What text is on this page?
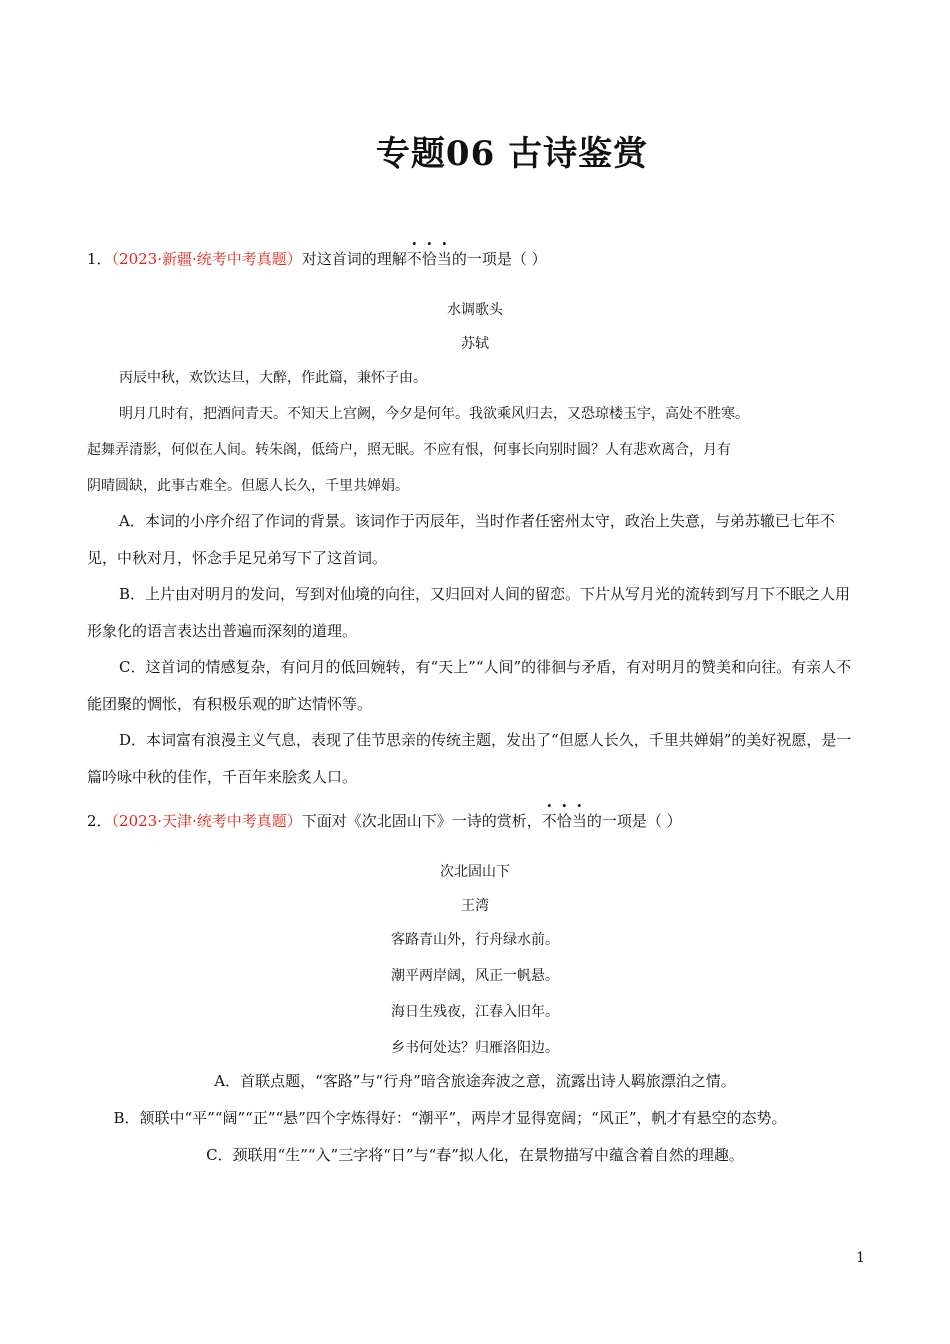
专题06 古诗鉴赏
1．（2023·新疆·统考中考真题）对这首词的理解不恰当的一项是（ ）
水调歌头
苏轼

丙辰中秋，欢饮达旦，大醉，作此篇，兼怀子由。

明月几时有，把酒问青天。不知天上宫阙，今夕是何年。我欲乘风归去，又恐琼楼玉宇，高处不胜寒。

起舞弄清影，何似在人间。转朱阁，低绮户，照无眠。不应有恨，何事长向别时圆？人有悲欢离合，月有

阴晴圆缺，此事古难全。但愿人长久，千里共婵娟。

A．本词的小序介绍了作词的背景。该词作于丙辰年，当时作者任密州太守，政治上失意，与弟苏辙已七年不见，中秋对月，怀念手足兄弟写下了这首词。

B．上片由对明月的发问，写到对仙境的向往，又归回对人间的留恋。下片从写月光的流转到写月下不眠之人用形象化的语言表达出普遍而深刻的道理。

C．这首词的情感复杂，有问月的低回婉转，有“天上”“人间”的徘徊与矛盾，有对明月的赞美和向往。有亲人不能团聚的惆怅，有积极乐观的旷达情怀等。

D．本词富有浪漫主义气息，表现了佳节思亲的传统主题，发出了“但愿人长久，千里共婵娟”的美好祝愿，是一篇吟咏中秋的佳作，千百年来脍炙人口。

2．（2023·天津·统考中考真题）下面对《次北固山下》一诗的赏析，不恰当的一项是（ ）
次北固山下
王湾

客路青山外，行舟绿水前。

潮平两岸阔，风正一帆悬。

海日生残夜，江春入旧年。

乡书何处达？归雁洛阳边。

A．首联点题，“客路”与“行舟”暗含旅途奔波之意，流露出诗人羁旅漂泊之情。

B．颔联中“平”“阔”“正”“悬”四个字炼得好：“潮平”，两岸才显得宽阔；“风正”，帆才有悬空的态势。

C．颈联用“生”“入”三字将“日”与“春”拟人化，在景物描写中蕴含着自然的理趣。

1
